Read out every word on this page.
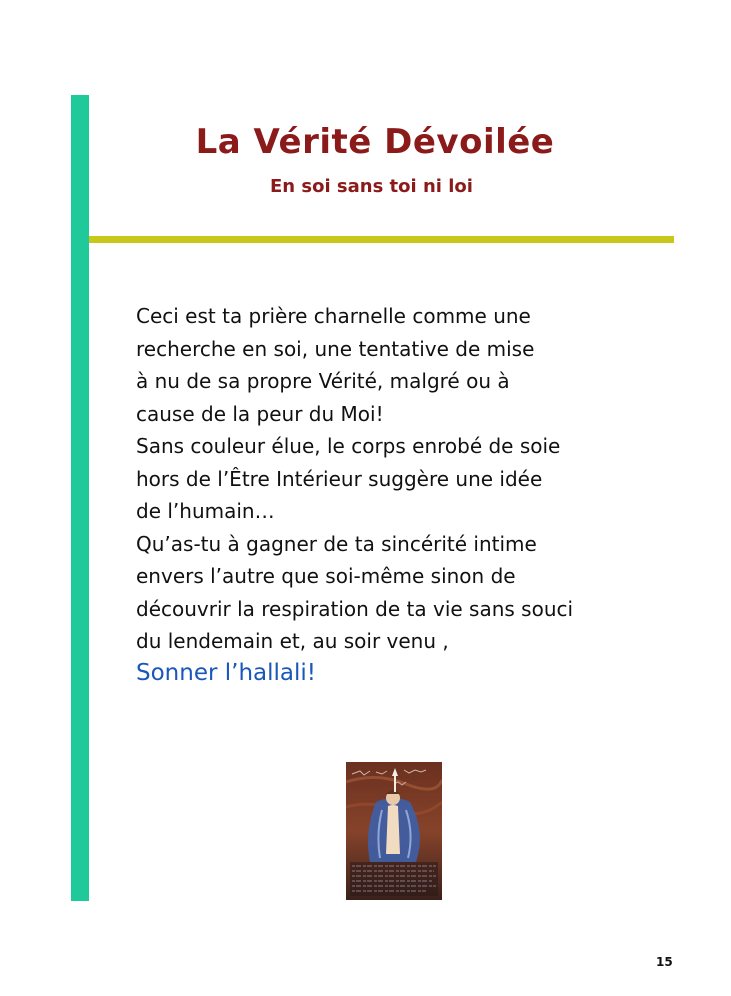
La Vérité Dévoilée
En soi sans toi ni loi
Ceci est ta prière charnelle comme une
recherche en soi, une tentative de mise
à nu de sa propre Vérité, malgré ou à
cause de la peur du Moi!
Sans couleur élue, le corps enrobé de soie
hors de l’Être Intérieur suggère une idée
de l’humain…
Qu’as-tu à gagner de ta sincérité intime
envers l’autre que soi-même sinon de
découvrir la respiration de ta vie sans souci
du lendemain et, au soir venu ,
Sonner l’hallali!
15
